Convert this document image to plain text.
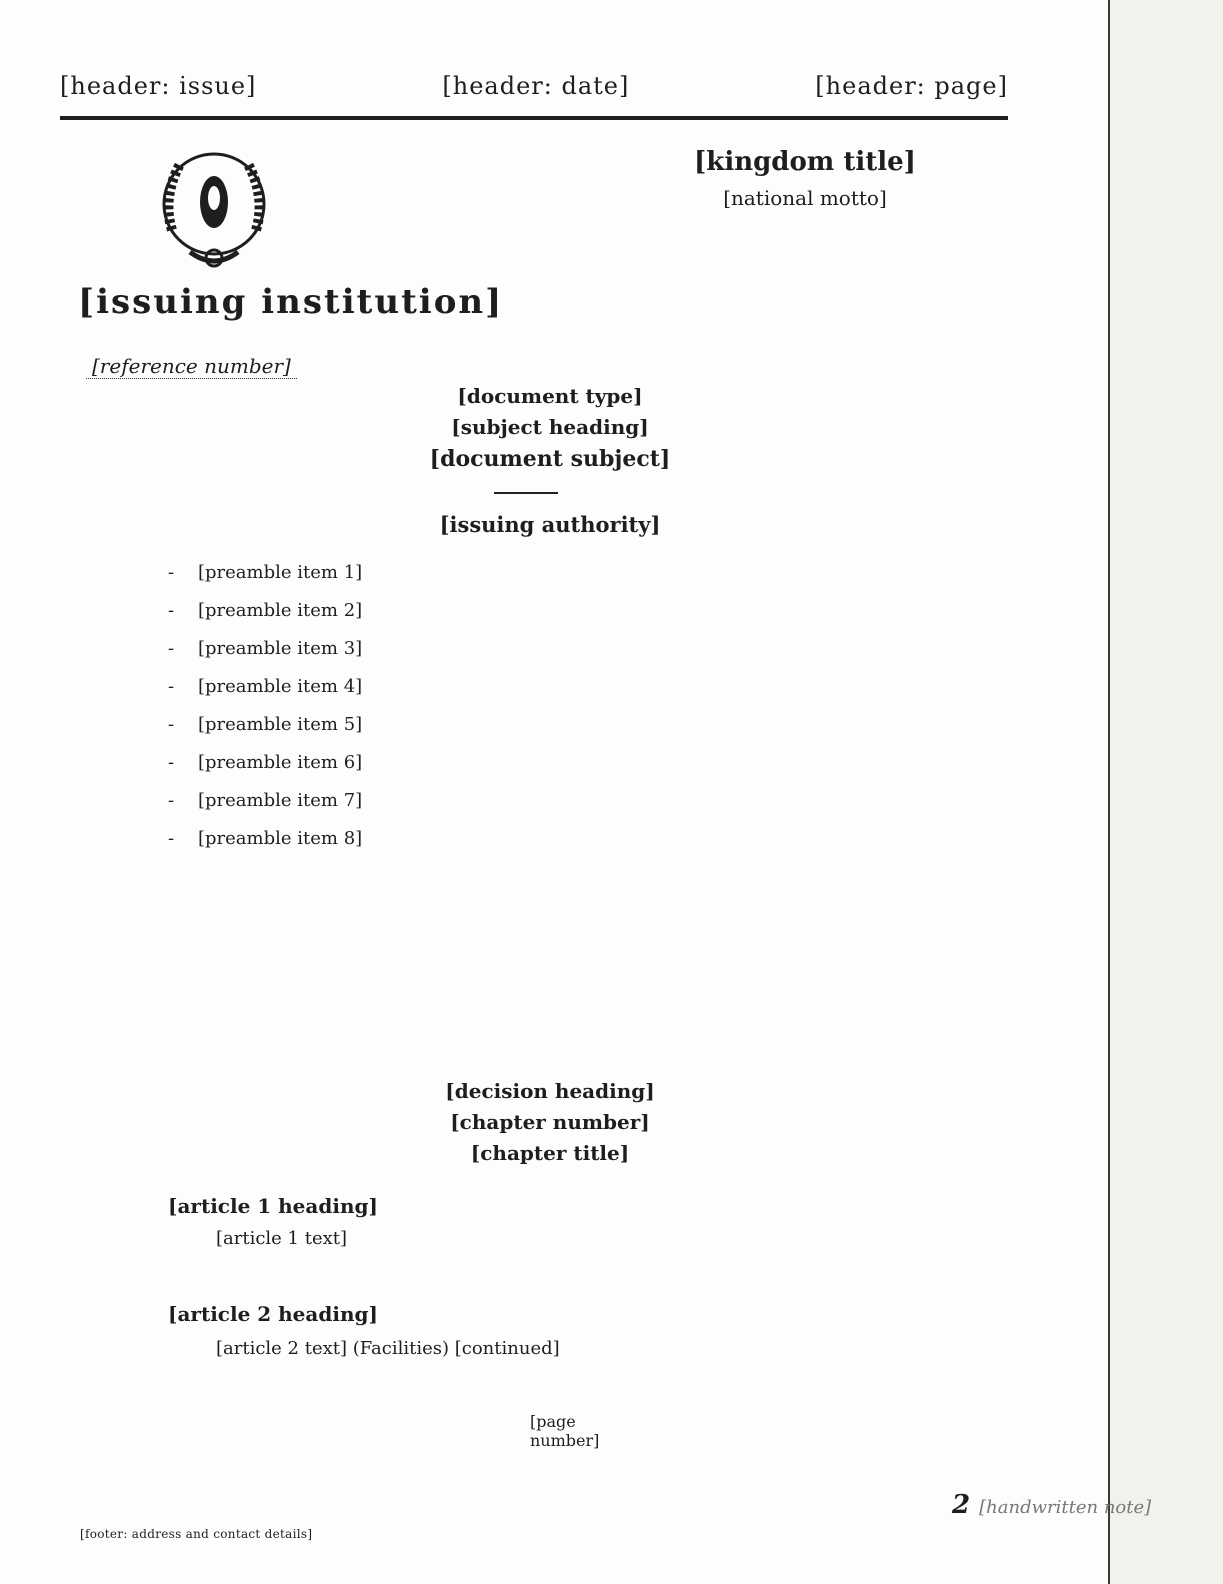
[header: issue]	[header: date]	[header: page]
[kingdom title]
[national motto]
[issuing institution]
[reference number]
[document type]
[subject heading]
[document subject]
[issuing authority]
- [preamble item 1]
- [preamble item 2]
- [preamble item 3]
- [preamble item 4]
- [preamble item 5]
- [preamble item 6]
- [preamble item 7]
- [preamble item 8]
[decision heading]
[chapter number]
[chapter title]
[article 1 heading]

[article 1 text]

[article 2 heading]

[article 2 text] (Facilities) [continued]

[page number]
2 [handwritten note]
[footer: address and contact details]
